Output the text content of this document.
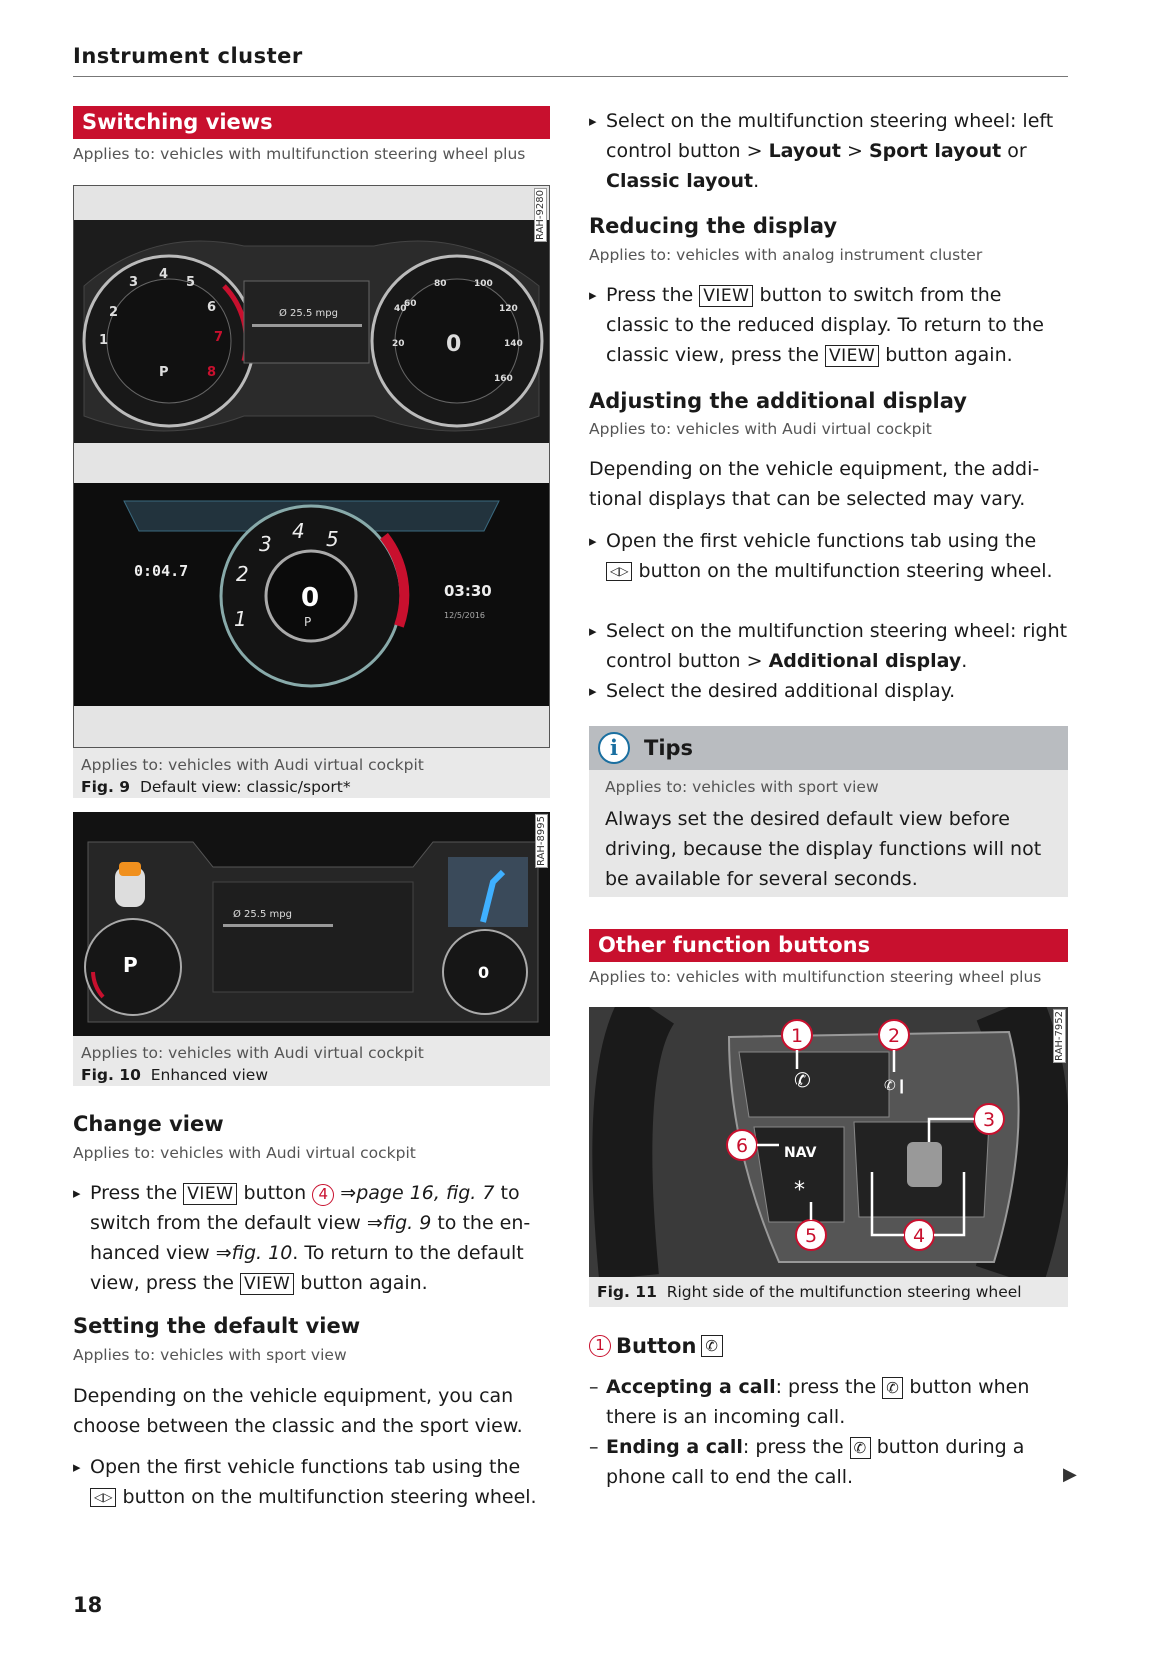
Instrument cluster
Switching views
Applies to: vehicles with multifunction steering wheel plus
2
3
4
5
6
7
8
1
P
0
60
80	100
120
140
160
20
40
Ø 25.5 mpg
0
P
0:04.7
03:30
12/5/2016
1
2
3
4 5
RAH-9280
Applies to: vehicles with Audi virtual cockpit
Fig. 9 Default view: classic/sport*
P	0
Ø 25.5 mpg
RAH-8995
Applies to: vehicles with Audi virtual cockpit
Fig. 10 Enhanced view
Change view
Applies to: vehicles with Audi virtual cockpit
▸ Press the VIEW button 4 ⇒page 16, fig. 7 to switch from the default view ⇒fig. 9 to the enhanced view ⇒fig. 10. To return to the default view, press the VIEW button again.
Setting the default view
Applies to: vehicles with sport view
Depending on the vehicle equipment, you can choose between the classic and the sport view.
▸ Open the first vehicle functions tab using the ◁▷ button on the multifunction steering wheel.
▸ Select on the multifunction steering wheel: left control button > Layout > Sport layout or Classic layout.
Reducing the display
Applies to: vehicles with analog instrument cluster
▸ Press the VIEW button to switch from the classic to the reduced display. To return to the classic view, press the VIEW button again.
Adjusting the additional display
Applies to: vehicles with Audi virtual cockpit
Depending on the vehicle equipment, the additional displays that can be selected may vary.
▸ Open the first vehicle functions tab using the ◁▷ button on the multifunction steering wheel.
▸ Select on the multifunction steering wheel: right control button > Additional display.
▸ Select the desired additional display.
i	Tips
Applies to: vehicles with sport view
Always set the desired default view before driving, because the display functions will not be available for several seconds.
Other function buttons
Applies to: vehicles with multifunction steering wheel plus
✆	✆❙
NAV
*
1	2
3
6
5	4
RAH-7952
Fig. 11 Right side of the multifunction steering wheel
1 Button ✆
– Accepting a call: press the ✆ button when there is an incoming call.
– Ending a call: press the ✆ button during a phone call to end the call.	▶
18
